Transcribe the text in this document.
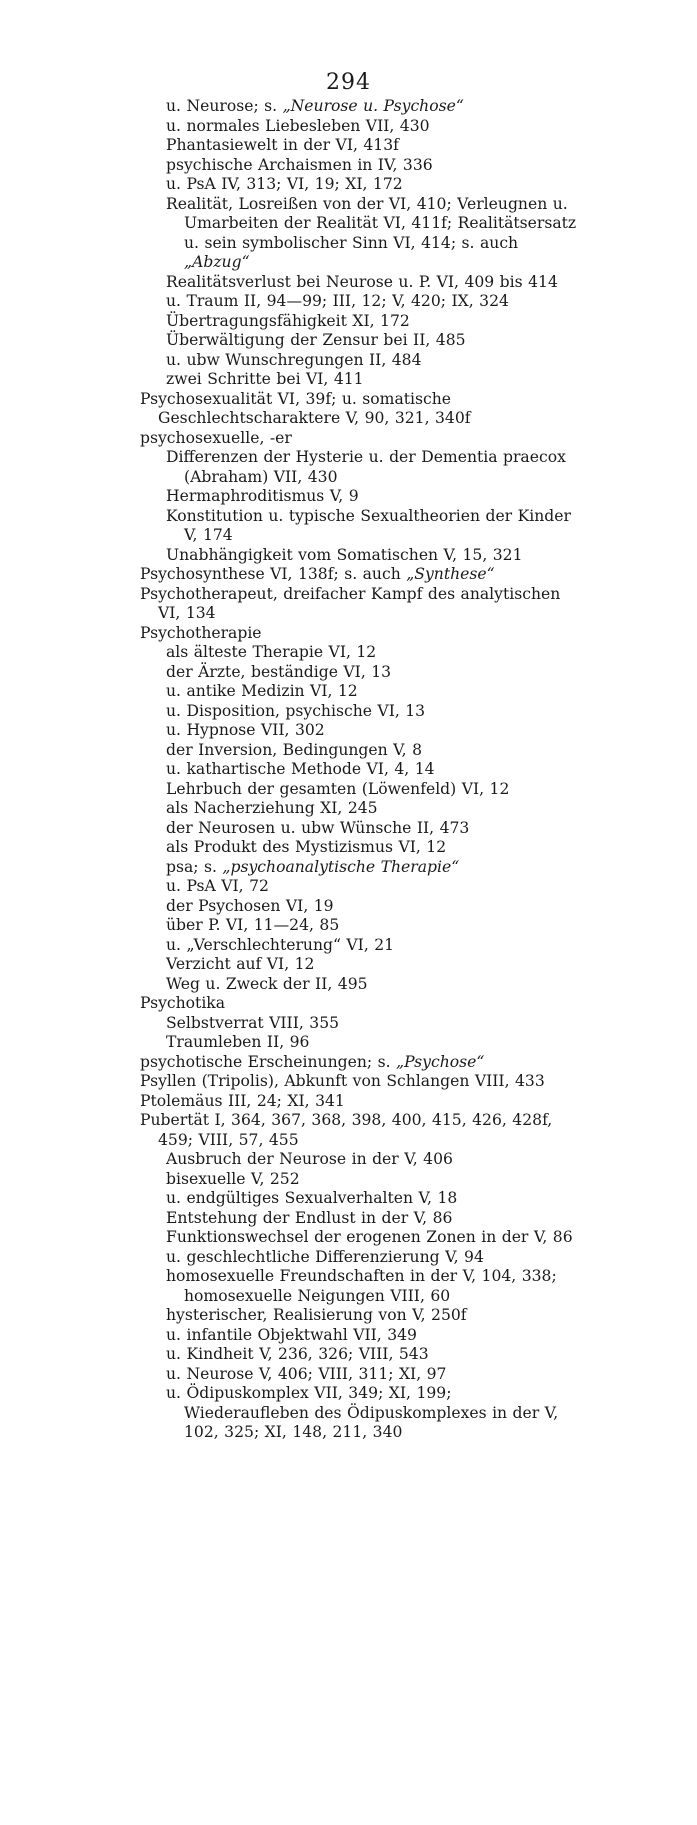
294
u. Neurose; s. „Neurose u. Psychose“
u. normales Liebesleben VII, 430
Phantasiewelt in der VI, 413f
psychische Archaismen in IV, 336
u. PsA IV, 313; VI, 19; XI, 172
Realität, Losreißen von der VI, 410; Verleugnen u. Umarbeiten der Realität VI, 411f; Realitätsersatz u. sein symbolischer Sinn VI, 414; s. auch „Abzug“
Realitätsverlust bei Neurose u. P. VI, 409 bis 414
u. Traum II, 94—99; III, 12; V, 420; IX, 324
Übertragungsfähigkeit XI, 172
Überwältigung der Zensur bei II, 485
u. ubw Wunschregungen II, 484
zwei Schritte bei VI, 411
Psychosexualität VI, 39f; u. somatische Geschlechtscharaktere V, 90, 321, 340f
psychosexuelle, -er
Differenzen der Hysterie u. der Dementia praecox (Abraham) VII, 430
Hermaphroditismus V, 9
Konstitution u. typische Sexualtheorien der Kinder V, 174
Unabhängigkeit vom Somatischen V, 15, 321
Psychosynthese VI, 138f; s. auch „Synthese“
Psychotherapeut, dreifacher Kampf des analytischen VI, 134
Psychotherapie
als älteste Therapie VI, 12
der Ärzte, beständige VI, 13
u. antike Medizin VI, 12
u. Disposition, psychische VI, 13
u. Hypnose VII, 302
der Inversion, Bedingungen V, 8
u. kathartische Methode VI, 4, 14
Lehrbuch der gesamten (Löwenfeld) VI, 12
als Nacherziehung XI, 245
der Neurosen u. ubw Wünsche II, 473
als Produkt des Mystizismus VI, 12
psa; s. „psychoanalytische Therapie“
u. PsA VI, 72
der Psychosen VI, 19
über P. VI, 11—24, 85
u. „Verschlechterung“ VI, 21
Verzicht auf VI, 12
Weg u. Zweck der II, 495
Psychotika
Selbstverrat VIII, 355
Traumleben II, 96
psychotische Erscheinungen; s. „Psychose“
Psyllen (Tripolis), Abkunft von Schlangen VIII, 433
Ptolemäus III, 24; XI, 341
Pubertät I, 364, 367, 368, 398, 400, 415, 426, 428f, 459; VIII, 57, 455
Ausbruch der Neurose in der V, 406
bisexuelle V, 252
u. endgültiges Sexualverhalten V, 18
Entstehung der Endlust in der V, 86
Funktionswechsel der erogenen Zonen in der V, 86
u. geschlechtliche Differenzierung V, 94
homosexuelle Freundschaften in der V, 104, 338; homosexuelle Neigungen VIII, 60
hysterischer, Realisierung von V, 250f
u. infantile Objektwahl VII, 349
u. Kindheit V, 236, 326; VIII, 543
u. Neurose V, 406; VIII, 311; XI, 97
u. Ödipuskomplex VII, 349; XI, 199; Wiederaufleben des Ödipuskomplexes in der V, 102, 325; XI, 148, 211, 340
